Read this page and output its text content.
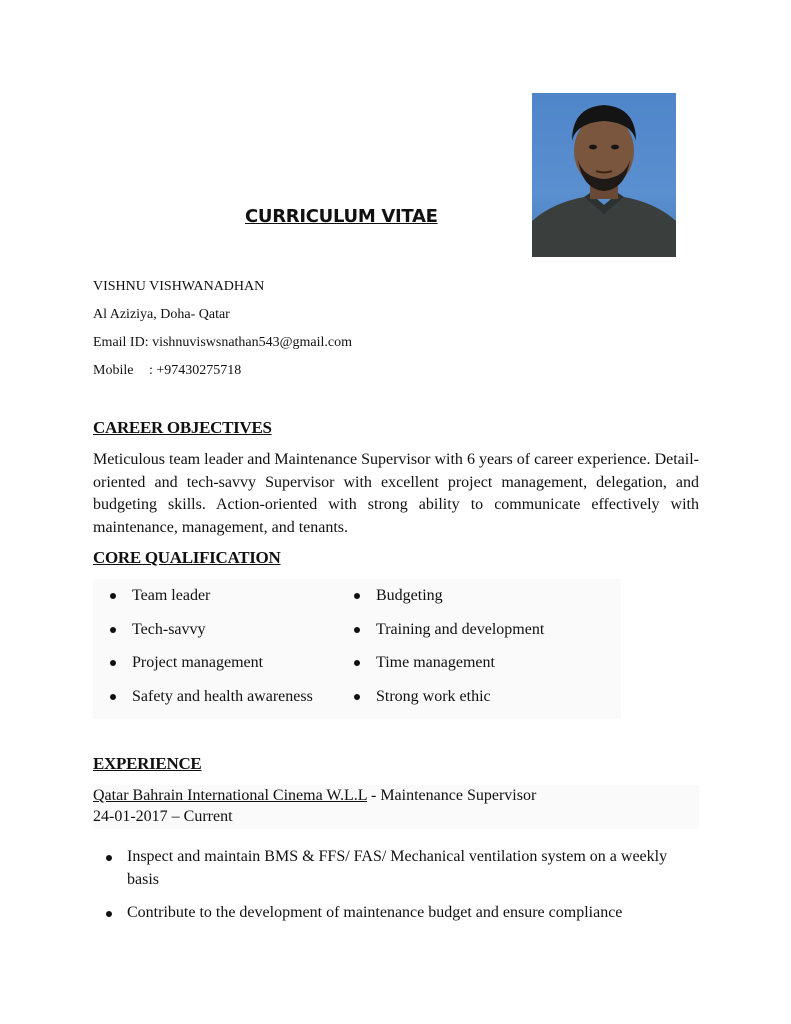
CURRICULUM VITAE
VISHNU VISHWANADHAN
Al Aziziya, Doha- Qatar
Email ID: vishnuviswsnathan543@gmail.com
Mobile : +97430275718
CAREER OBJECTIVES
Meticulous team leader and Maintenance Supervisor with 6 years of career experience. Detail-oriented and tech-savvy Supervisor with excellent project management, delegation, and budgeting skills. Action-oriented with strong ability to communicate effectively with maintenance, management, and tenants.
CORE QUALIFICATION
Team leader
Tech-savvy
Project management
Safety and health awareness
Budgeting
Training and development
Time management
Strong work ethic
EXPERIENCE
Qatar Bahrain International Cinema W.L.L - Maintenance Supervisor
24-01-2017 – Current
Inspect and maintain BMS & FFS/ FAS/ Mechanical ventilation system on a weekly basis
Contribute to the development of maintenance budget and ensure compliance
